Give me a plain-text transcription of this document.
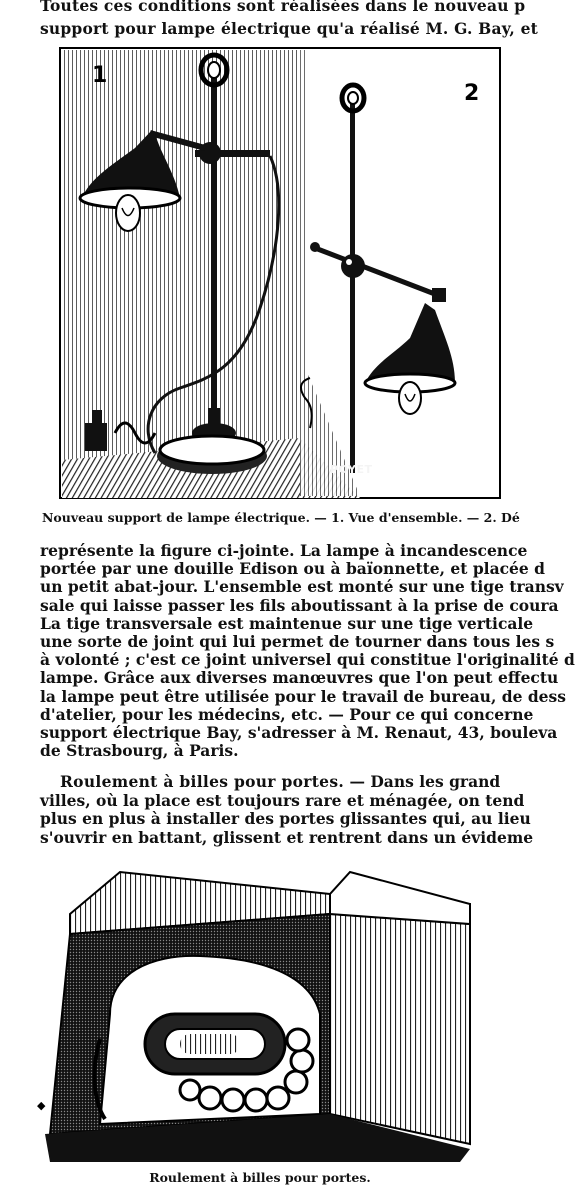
Toutes ces conditions sont réalisées dans le nouveau p
support pour lampe électrique qu'a réalisé M. G. Bay, et
1
2
POYET
Nouveau support de lampe électrique. — 1. Vue d'ensemble. — 2. Dé
représente la figure ci-jointe. La lampe à incandescence
portée par une douille Edison ou à baïonnette, et placée d
un petit abat-jour. L'ensemble est monté sur une tige transv
sale qui laisse passer les fils aboutissant à la prise de coura
La tige transversale est maintenue sur une tige verticale
une sorte de joint qui lui permet de tourner dans tous les s
à volonté ; c'est ce joint universel qui constitue l'originalité d
lampe. Grâce aux diverses manœuvres que l'on peut effectu
la lampe peut être utilisée pour le travail de bureau, de dess
d'atelier, pour les médecins, etc. — Pour ce qui concerne
support électrique Bay, s'adresser à M. Renaut, 43, bouleva
de Strasbourg, à Paris.
Roulement à billes pour portes. — Dans les grand
villes, où la place est toujours rare et ménagée, on tend
plus en plus à installer des portes glissantes qui, au lieu
s'ouvrir en battant, glissent et rentrent dans un évideme
◆
Roulement à billes pour portes.
